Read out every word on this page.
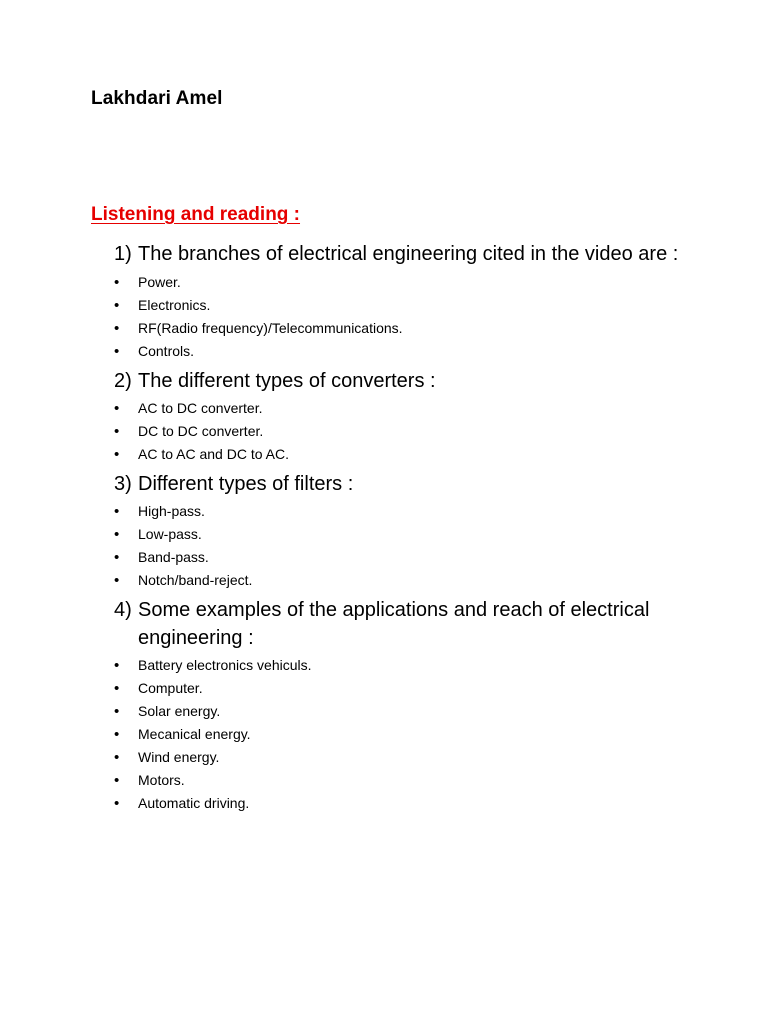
Lakhdari Amel
Listening and reading :
1) The branches of electrical engineering cited in the video are :
•	Power.
•	Electronics.
•	RF(Radio frequency)/Telecommunications.
•	Controls.
2) The different types of converters :
•	AC to DC converter.
•	DC to DC converter.
•	AC to AC and DC to AC.
3) Different types of filters :
•	High-pass.
•	Low-pass.
•	Band-pass.
•	Notch/band-reject.
4) Some examples of the applications and reach of electrical engineering :
•	Battery electronics vehiculs.
•	Computer.
•	Solar energy.
•	Mecanical energy.
•	Wind energy.
•	Motors.
•	Automatic driving.
